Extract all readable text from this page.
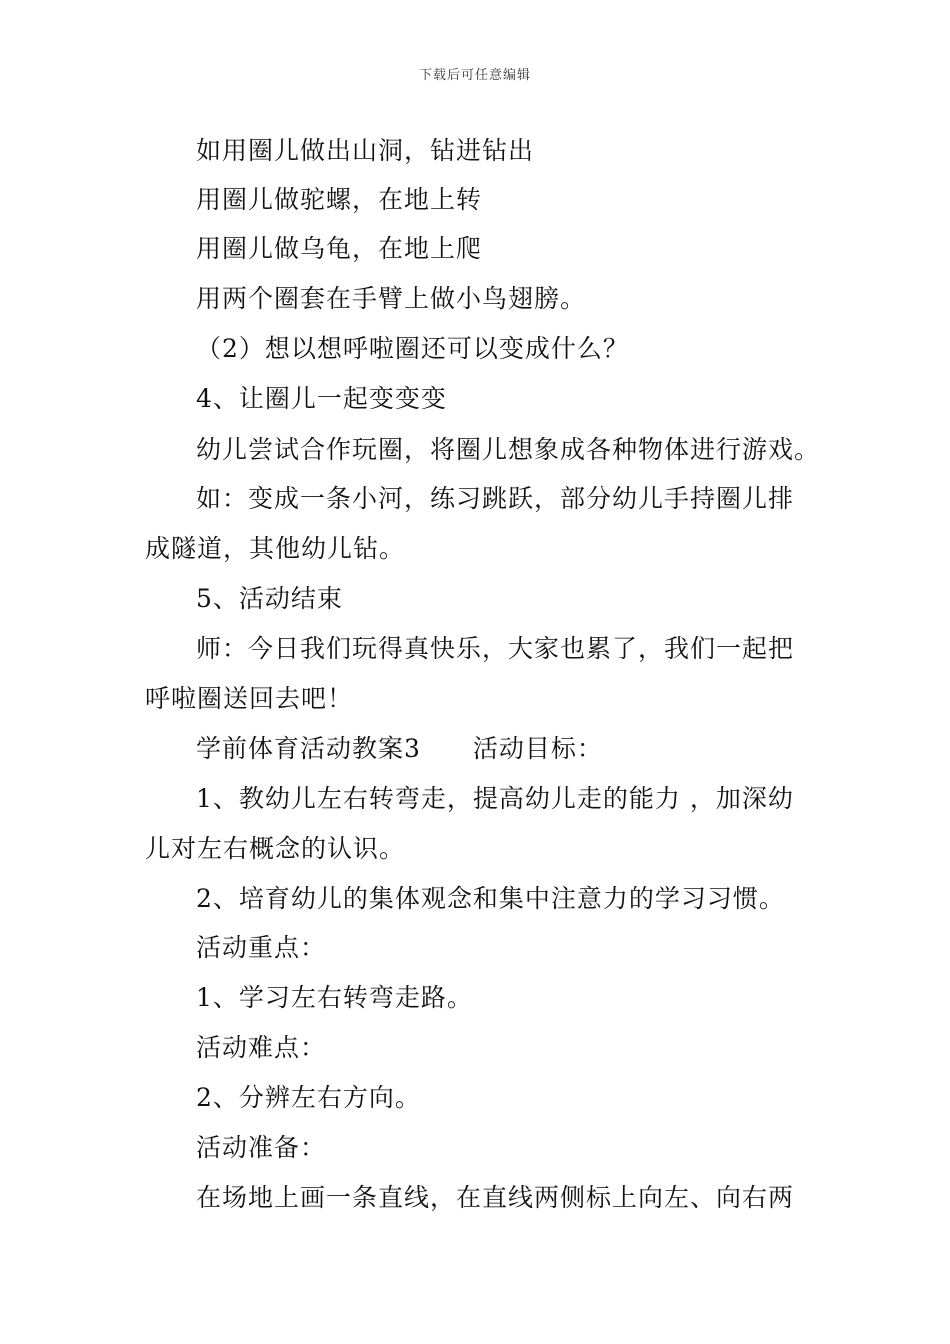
下载后可任意编辑
如用圈儿做出山洞，钻进钻出
用圈儿做驼螺，在地上转
用圈儿做乌龟，在地上爬
用两个圈套在手臂上做小鸟翅膀。
（2）想以想呼啦圈还可以变成什么？
4、让圈儿一起变变变
幼儿尝试合作玩圈，将圈儿想象成各种物体进行游戏。
如：变成一条小河，练习跳跃，部分幼儿手持圈儿排
成隧道，其他幼儿钻。
5、活动结束
师：今日我们玩得真快乐，大家也累了，我们一起把
呼啦圈送回去吧！
学前体育活动教案3 活动目标：
1、教幼儿左右转弯走，提高幼儿走的能力 ，加深幼
儿对左右概念的认识。
2、培育幼儿的集体观念和集中注意力的学习习惯。
活动重点：
1、学习左右转弯走路。
活动难点：
2、分辨左右方向。
活动准备：
在场地上画一条直线，在直线两侧标上向左、向右两
